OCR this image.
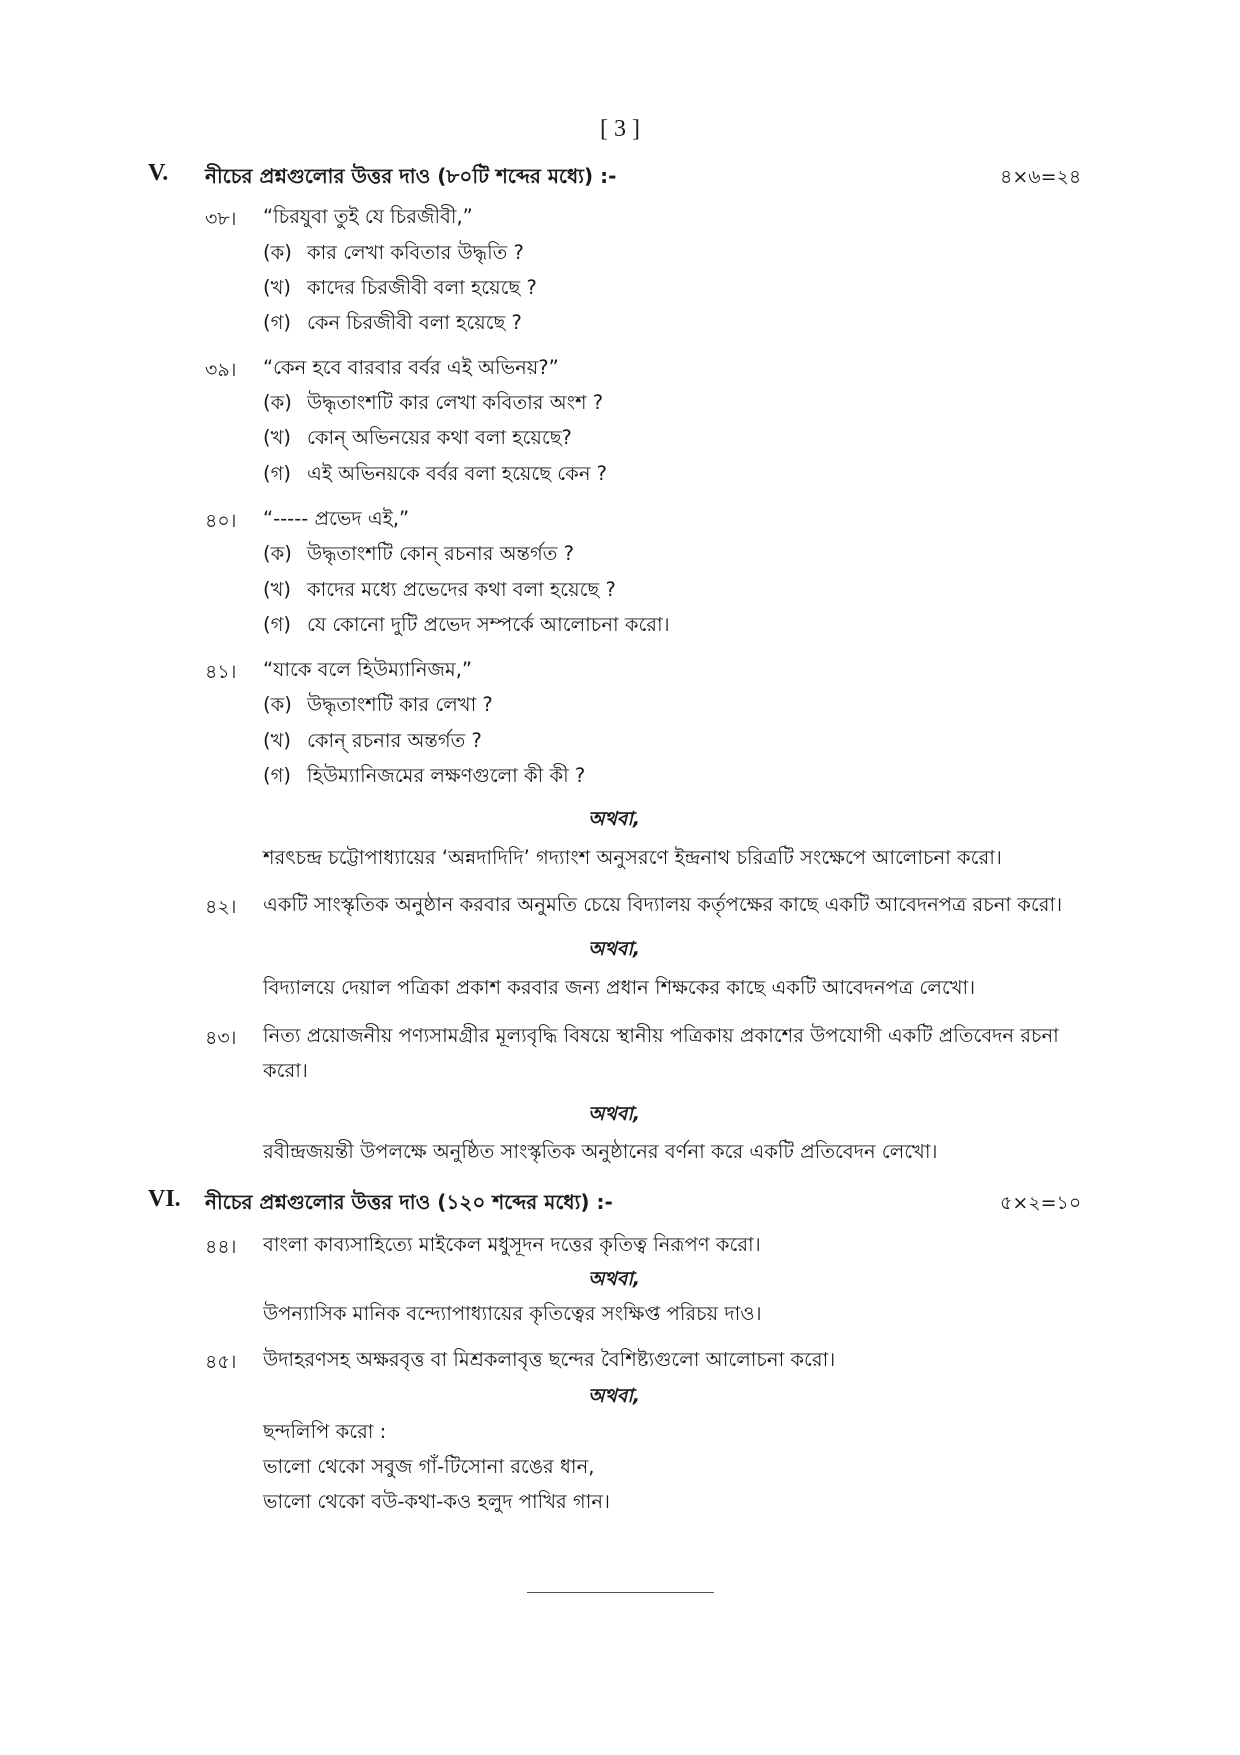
[ 3 ]
V. নীচের প্রশ্নগুলোর উত্তর দাও (৮০টি শব্দের মধ্যে) :-	৪×৬=২৪
৩৮। “চিরযুবা তুই যে চিরজীবী,”
(ক) কার লেখা কবিতার উদ্ধৃতি ?
(খ) কাদের চিরজীবী বলা হয়েছে ?
(গ) কেন চিরজীবী বলা হয়েছে ?
৩৯। “কেন হবে বারবার বর্বর এই অভিনয়?”
(ক) উদ্ধৃতাংশটি কার লেখা কবিতার অংশ ?
(খ) কোন্ অভিনয়ের কথা বলা হয়েছে?
(গ) এই অভিনয়কে বর্বর বলা হয়েছে কেন ?
৪০। “----- প্রভেদ এই,”
(ক) উদ্ধৃতাংশটি কোন্ রচনার অন্তর্গত ?
(খ) কাদের মধ্যে প্রভেদের কথা বলা হয়েছে ?
(গ) যে কোনো দুটি প্রভেদ সম্পর্কে আলোচনা করো।
৪১। “যাকে বলে হিউম্যানিজম,”
(ক) উদ্ধৃতাংশটি কার লেখা ?
(খ) কোন্ রচনার অন্তর্গত ?
(গ) হিউম্যানিজমের লক্ষণগুলো কী কী ?
অথবা,
শরৎচন্দ্র চট্টোপাধ্যায়ের ‘অন্নদাদিদি’ গদ্যাংশ অনুসরণে ইন্দ্রনাথ চরিত্রটি সংক্ষেপে আলোচনা করো।
৪২। একটি সাংস্কৃতিক অনুষ্ঠান করবার অনুমতি চেয়ে বিদ্যালয় কর্তৃপক্ষের কাছে একটি আবেদনপত্র রচনা করো।
অথবা,
বিদ্যালয়ে দেয়াল পত্রিকা প্রকাশ করবার জন্য প্রধান শিক্ষকের কাছে একটি আবেদনপত্র লেখো।
৪৩। নিত্য প্রয়োজনীয় পণ্যসামগ্রীর মূল্যবৃদ্ধি বিষয়ে স্থানীয় পত্রিকায় প্রকাশের উপযোগী একটি প্রতিবেদন রচনা
করো।
অথবা,
রবীন্দ্রজয়ন্তী উপলক্ষে অনুষ্ঠিত সাংস্কৃতিক অনুষ্ঠানের বর্ণনা করে একটি প্রতিবেদন লেখো।
VI. নীচের প্রশ্নগুলোর উত্তর দাও (১২০ শব্দের মধ্যে) :-	৫×২=১০
৪৪। বাংলা কাব্যসাহিত্যে মাইকেল মধুসূদন দত্তের কৃতিত্ব নিরূপণ করো।
অথবা,
উপন্যাসিক মানিক বন্দ্যোপাধ্যায়ের কৃতিত্বের সংক্ষিপ্ত পরিচয় দাও।
৪৫। উদাহরণসহ অক্ষরবৃত্ত বা মিশ্রকলাবৃত্ত ছন্দের বৈশিষ্ট্যগুলো আলোচনা করো।
অথবা,
ছন্দলিপি করো :
ভালো থেকো সবুজ গাঁ-টিসোনা রঙের ধান,
ভালো থেকো বউ-কথা-কও হলুদ পাখির গান।
